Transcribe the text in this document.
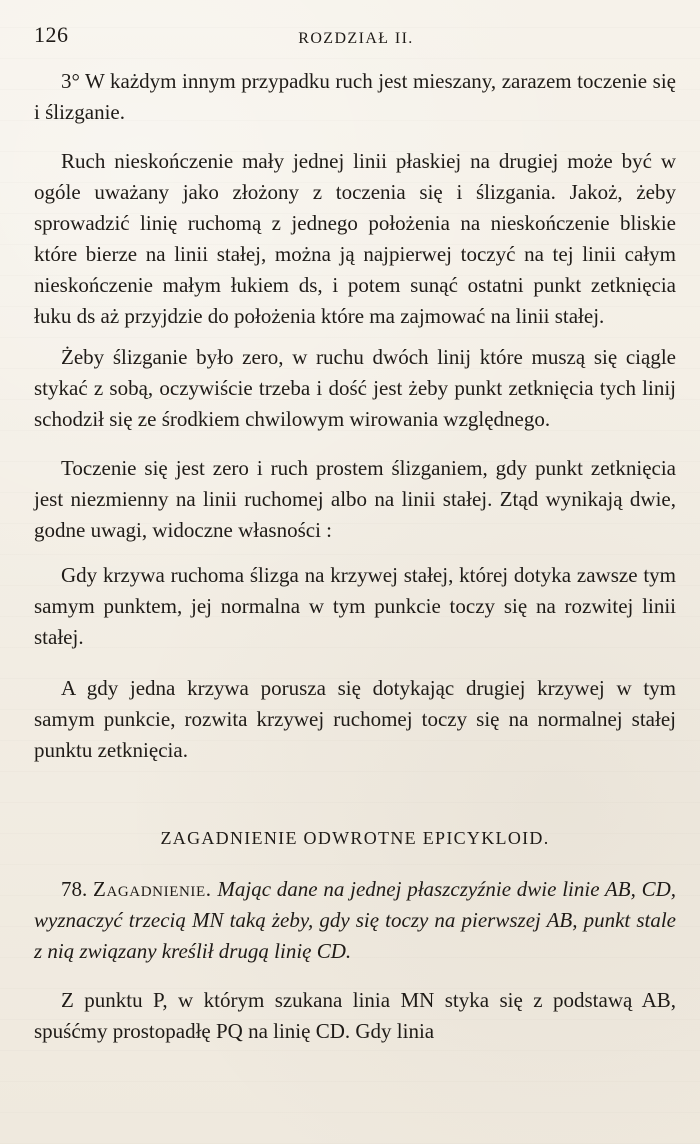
126	ROZDZIAŁ II.

3° W każdym innym przypadku ruch jest mieszany, zarazem toczenie się i ślizganie.

Ruch nieskończenie mały jednej linii płaskiej na drugiej może być w ogóle uważany jako złożony z toczenia się i ślizgania. Jakoż, żeby sprowadzić linię ruchomą z jednego położenia na nieskończenie bliskie które bierze na linii stałej, można ją najpierwej toczyć na tej linii całym nieskończenie małym łukiem ds, i potem sunąć ostatni punkt zetknięcia łuku ds aż przyjdzie do położenia które ma zajmować na linii stałej.

Żeby ślizganie było zero, w ruchu dwóch linij które muszą się ciągle stykać z sobą, oczywiście trzeba i dość jest żeby punkt zetknięcia tych linij schodził się ze środkiem chwilowym wirowania względnego.

Toczenie się jest zero i ruch prostem ślizganiem, gdy punkt zetknięcia jest niezmienny na linii ruchomej albo na linii stałej. Ztąd wynikają dwie, godne uwagi, widoczne własności :

Gdy krzywa ruchoma ślizga na krzywej stałej, której dotyka zawsze tym samym punktem, jej normalna w tym punkcie toczy się na rozwitej linii stałej.

A gdy jedna krzywa porusza się dotykając drugiej krzywej w tym samym punkcie, rozwita krzywej ruchomej toczy się na normalnej stałej punktu zetknięcia.

ZAGADNIENIE ODWROTNE EPICYKLOID.

78. Zagadnienie. Mając dane na jednej płaszczyźnie dwie linie AB, CD, wyznaczyć trzecią MN taką żeby, gdy się toczy na pierwszej AB, punkt stale z nią związany kreślił drugą linię CD.

Z punktu P, w którym szukana linia MN styka się z podstawą AB, spuśćmy prostopadłę PQ na linię CD. Gdy linia
